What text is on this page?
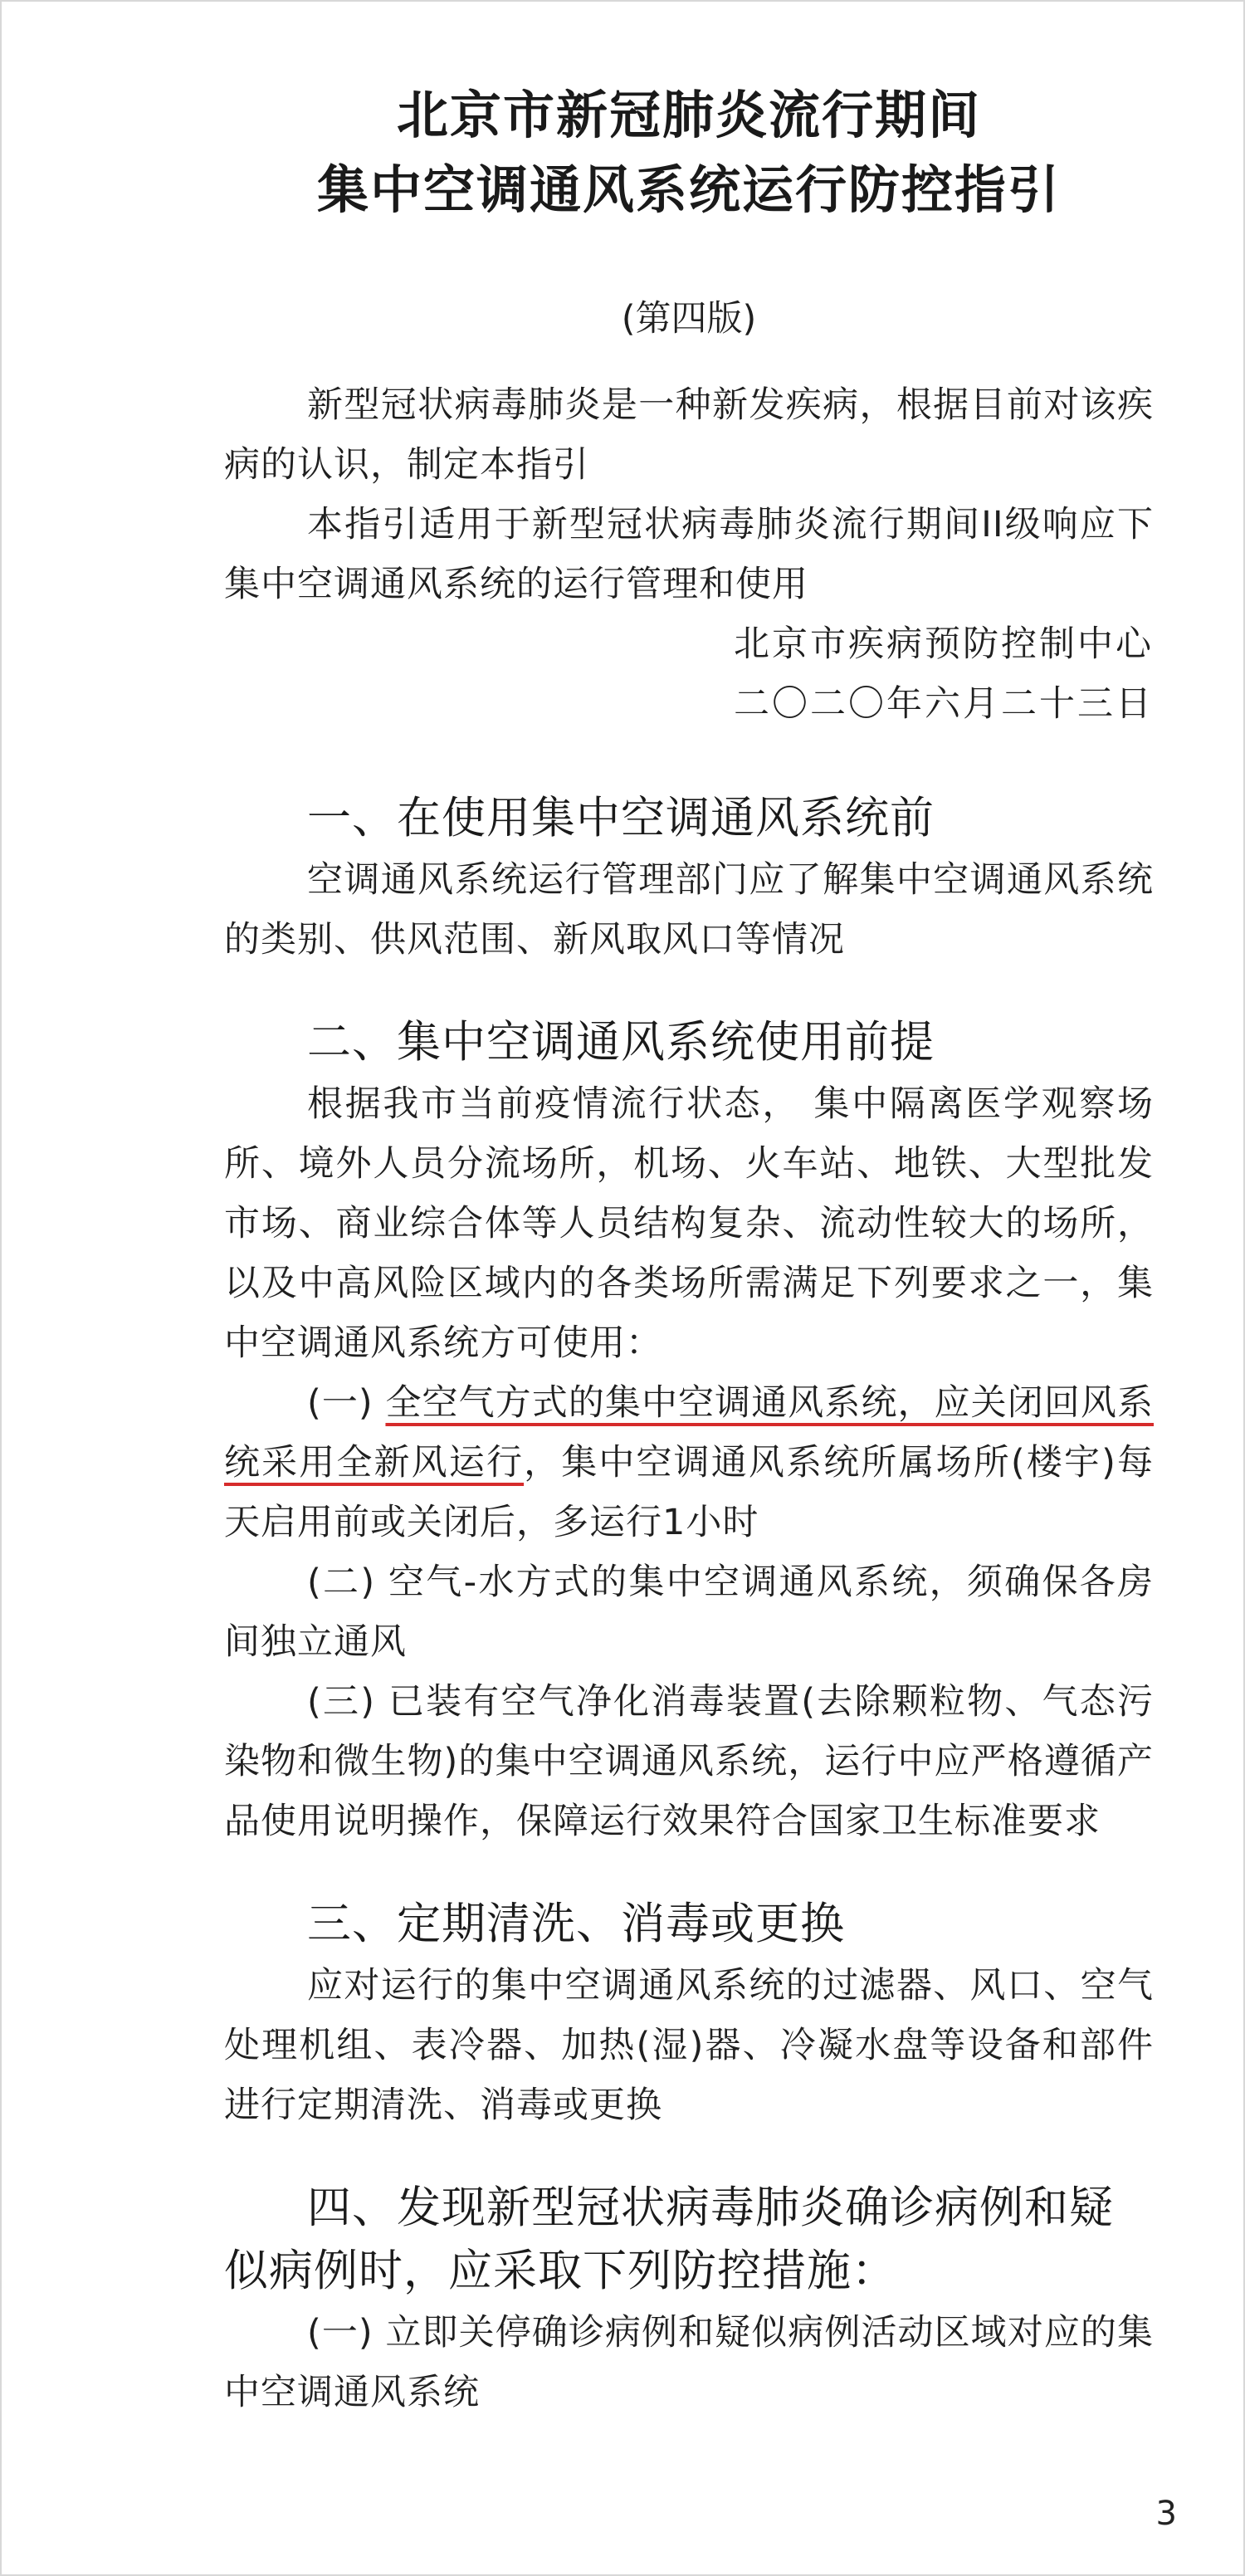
北京市新冠肺炎流行期间
集中空调通风系统运行防控指引
(第四版)

新型冠状病毒肺炎是一种新发疾病，根据目前对该疾病的认识，制定本指引

本指引适用于新型冠状病毒肺炎流行期间II级响应下集中空调通风系统的运行管理和使用

北京市疾病预防控制中心

二〇二〇年六月二十三日

一、在使用集中空调通风系统前

空调通风系统运行管理部门应了解集中空调通风系统的类别、供风范围、新风取风口等情况

二、集中空调通风系统使用前提

根据我市当前疫情流行状态， 集中隔离医学观察场所、境外人员分流场所，机场、火车站、地铁、大型批发市场、商业综合体等人员结构复杂、流动性较大的场所，以及中高风险区域内的各类场所需满足下列要求之一，集中空调通风系统方可使用：

(一) 全空气方式的集中空调通风系统，应关闭回风系统采用全新风运行，集中空调通风系统所属场所(楼宇)每天启用前或关闭后，多运行1小时

(二) 空气-水方式的集中空调通风系统，须确保各房间独立通风

(三) 已装有空气净化消毒装置(去除颗粒物、气态污染物和微生物)的集中空调通风系统，运行中应严格遵循产品使用说明操作，保障运行效果符合国家卫生标准要求

三、定期清洗、消毒或更换

应对运行的集中空调通风系统的过滤器、风口、空气处理机组、表冷器、加热(湿)器、冷凝水盘等设备和部件进行定期清洗、消毒或更换

四、发现新型冠状病毒肺炎确诊病例和疑似病例时，应采取下列防控措施：

(一) 立即关停确诊病例和疑似病例活动区域对应的集中空调通风系统

3
